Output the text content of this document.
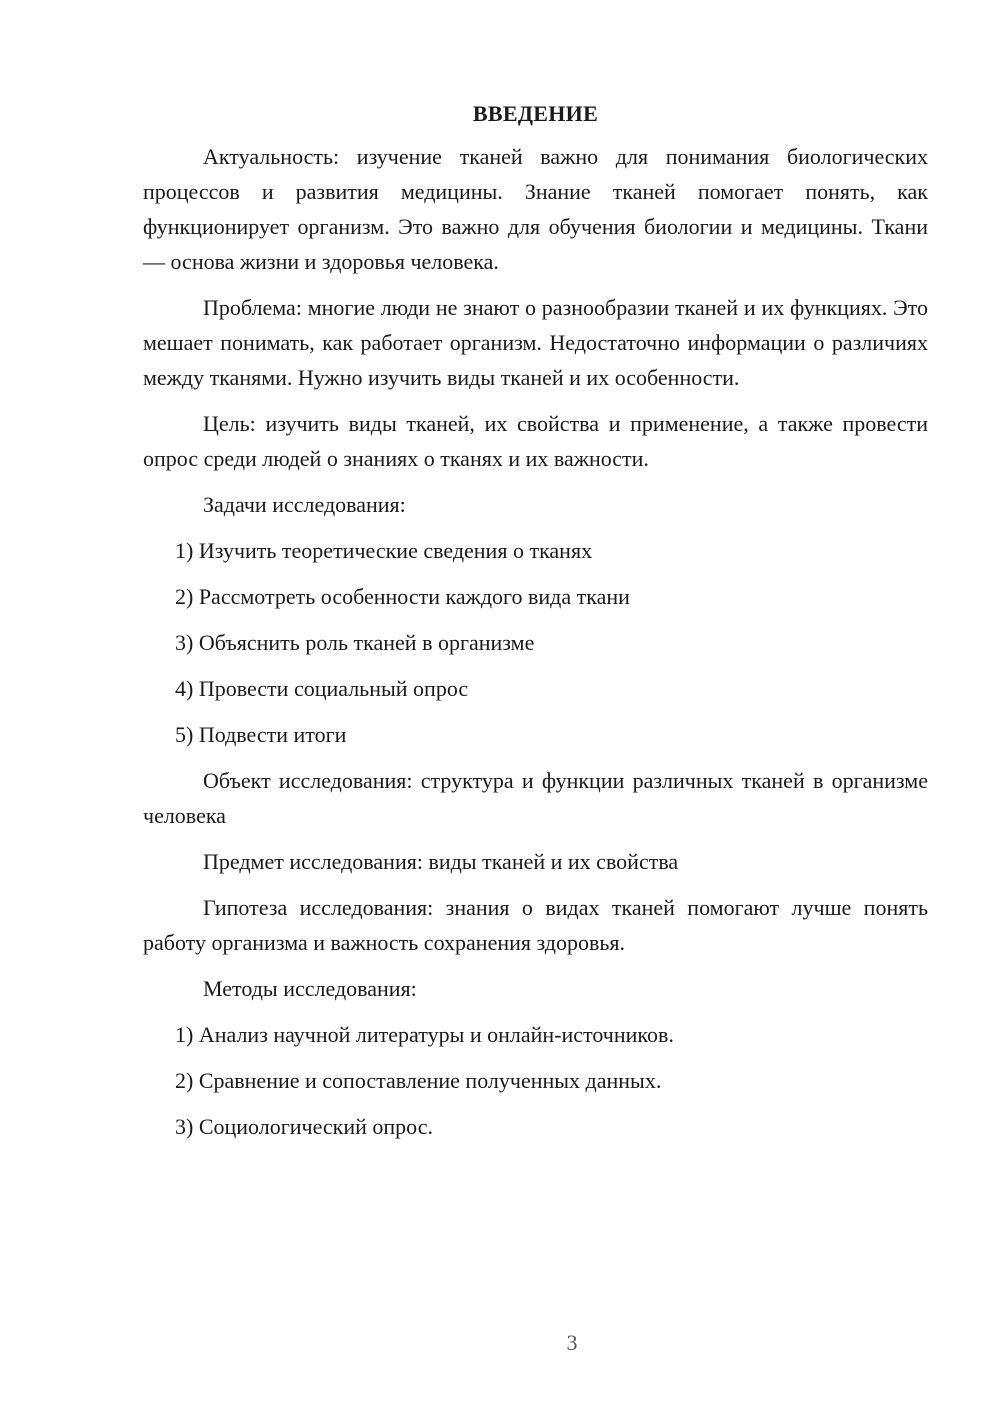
ВВЕДЕНИЕ

Актуальность: изучение тканей важно для понимания биологических процессов и развития медицины. Знание тканей помогает понять, как функционирует организм. Это важно для обучения биологии и медицины. Ткани — основа жизни и здоровья человека.

Проблема: многие люди не знают о разнообразии тканей и их функциях. Это мешает понимать, как работает организм. Недостаточно информации о различиях между тканями. Нужно изучить виды тканей и их особенности.

Цель: изучить виды тканей, их свойства и применение, а также провести опрос среди людей о знаниях о тканях и их важности.

Задачи исследования:

1) Изучить теоретические сведения о тканях
2) Рассмотреть особенности каждого вида ткани
3) Объяснить роль тканей в организме
4) Провести социальный опрос
5) Подвести итоги

Объект исследования: структура и функции различных тканей в организме человека

Предмет исследования: виды тканей и их свойства

Гипотеза исследования: знания о видах тканей помогают лучше понять работу организма и важность сохранения здоровья.

Методы исследования:

1) Анализ научной литературы и онлайн-источников.
2) Сравнение и сопоставление полученных данных.
3) Социологический опрос.
3
